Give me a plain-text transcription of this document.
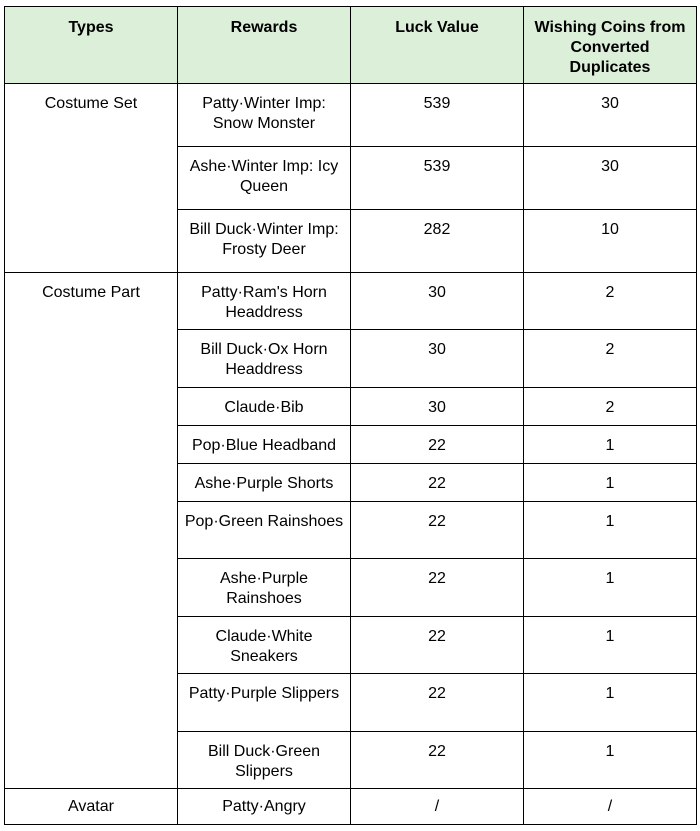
Types	Rewards	Luck Value	Wishing Coins from Converted Duplicates
Costume Set	Patty·Winter Imp: Snow Monster	539	30
	Ashe·Winter Imp: Icy Queen	539	30
	Bill Duck·Winter Imp: Frosty Deer	282	10
Costume Part	Patty·Ram's Horn Headdress	30	2
	Bill Duck·Ox Horn Headdress	30	2
	Claude·Bib	30	2
	Pop·Blue Headband	22	1
	Ashe·Purple Shorts	22	1
	Pop·Green Rainshoes	22	1
	Ashe·Purple Rainshoes	22	1
	Claude·White Sneakers	22	1
	Patty·Purple Slippers	22	1
	Bill Duck·Green Slippers	22	1
Avatar	Patty·Angry	/	/
